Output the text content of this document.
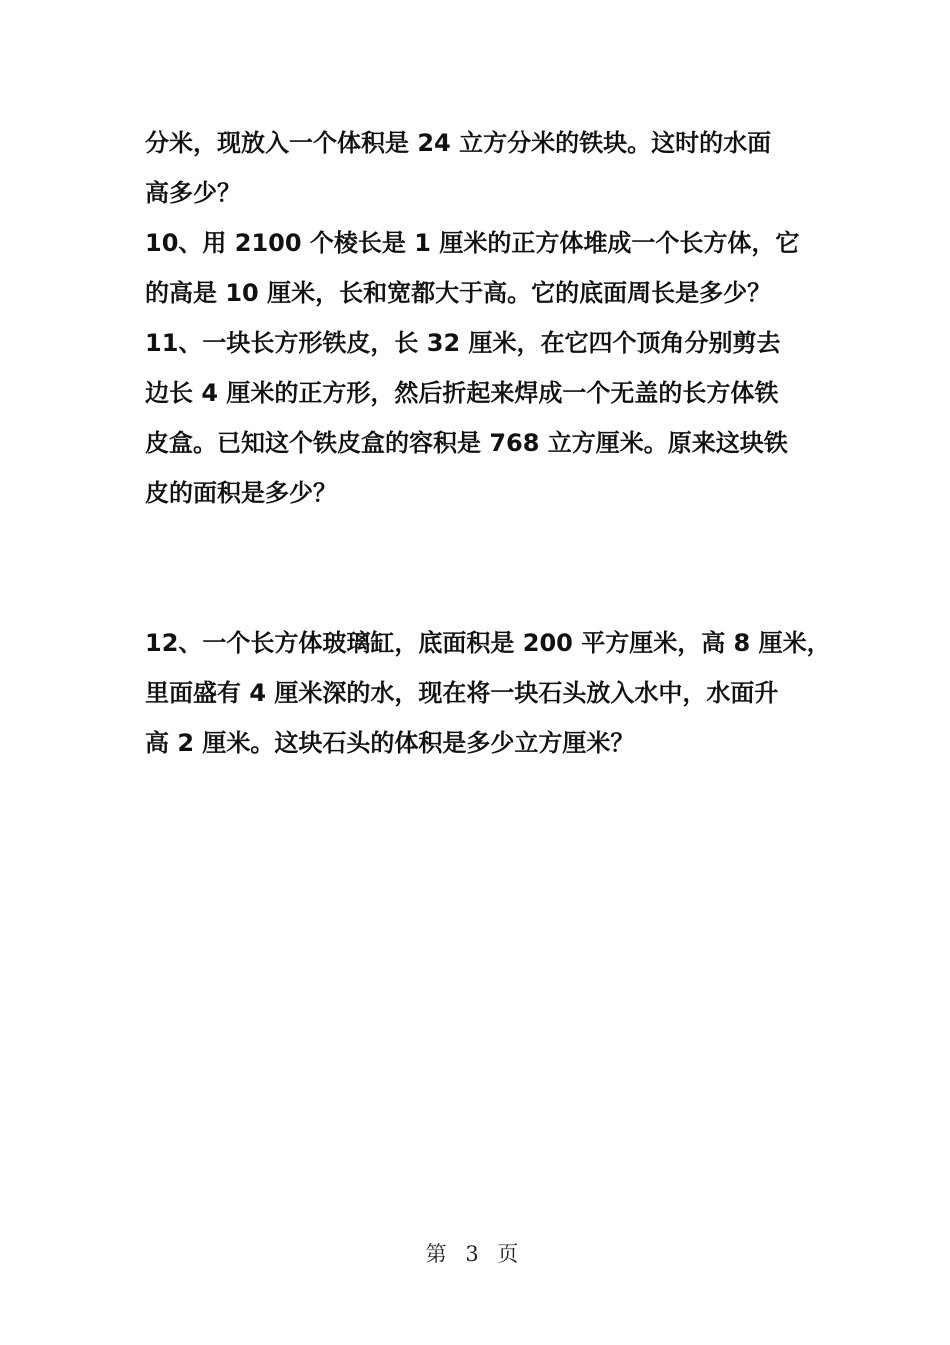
分米，现放入一个体积是 24 立方分米的铁块。这时的水面
高多少？
10、用 2100 个棱长是 1 厘米的正方体堆成一个长方体，它
的高是 10 厘米，长和宽都大于高。它的底面周长是多少？
11、一块长方形铁皮，长 32 厘米，在它四个顶角分别剪去
边长 4 厘米的正方形，然后折起来焊成一个无盖的长方体铁
皮盒。已知这个铁皮盒的容积是 768 立方厘米。原来这块铁
皮的面积是多少？
12、一个长方体玻璃缸，底面积是 200 平方厘米，高 8 厘米，
里面盛有 4 厘米深的水，现在将一块石头放入水中，水面升
高 2 厘米。这块石头的体积是多少立方厘米？
第 3 页
